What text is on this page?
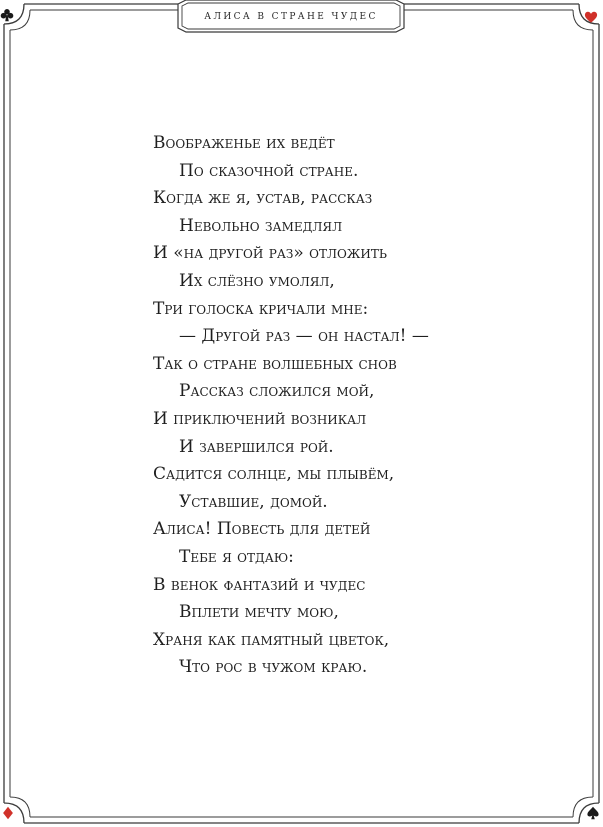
АЛИСА В СТРАНЕ ЧУДЕС
Воображенье их ведёт
По сказочной стране.
Когда же я, устав, рассказ
Невольно замедлял
И «на другой раз» отложить
Их слёзно умолял,
Три голоска кричали мне:
— Другой раз — он настал! —
Так о стране волшебных снов
Рассказ сложился мой,
И приключений возникал
И завершился рой.
Садится солнце, мы плывём,
Уставшие, домой.
Алиса! Повесть для детей
Тебе я отдаю:
В венок фантазий и чудес
Вплети мечту мою,
Храня как памятный цветок,
Что рос в чужом краю.
